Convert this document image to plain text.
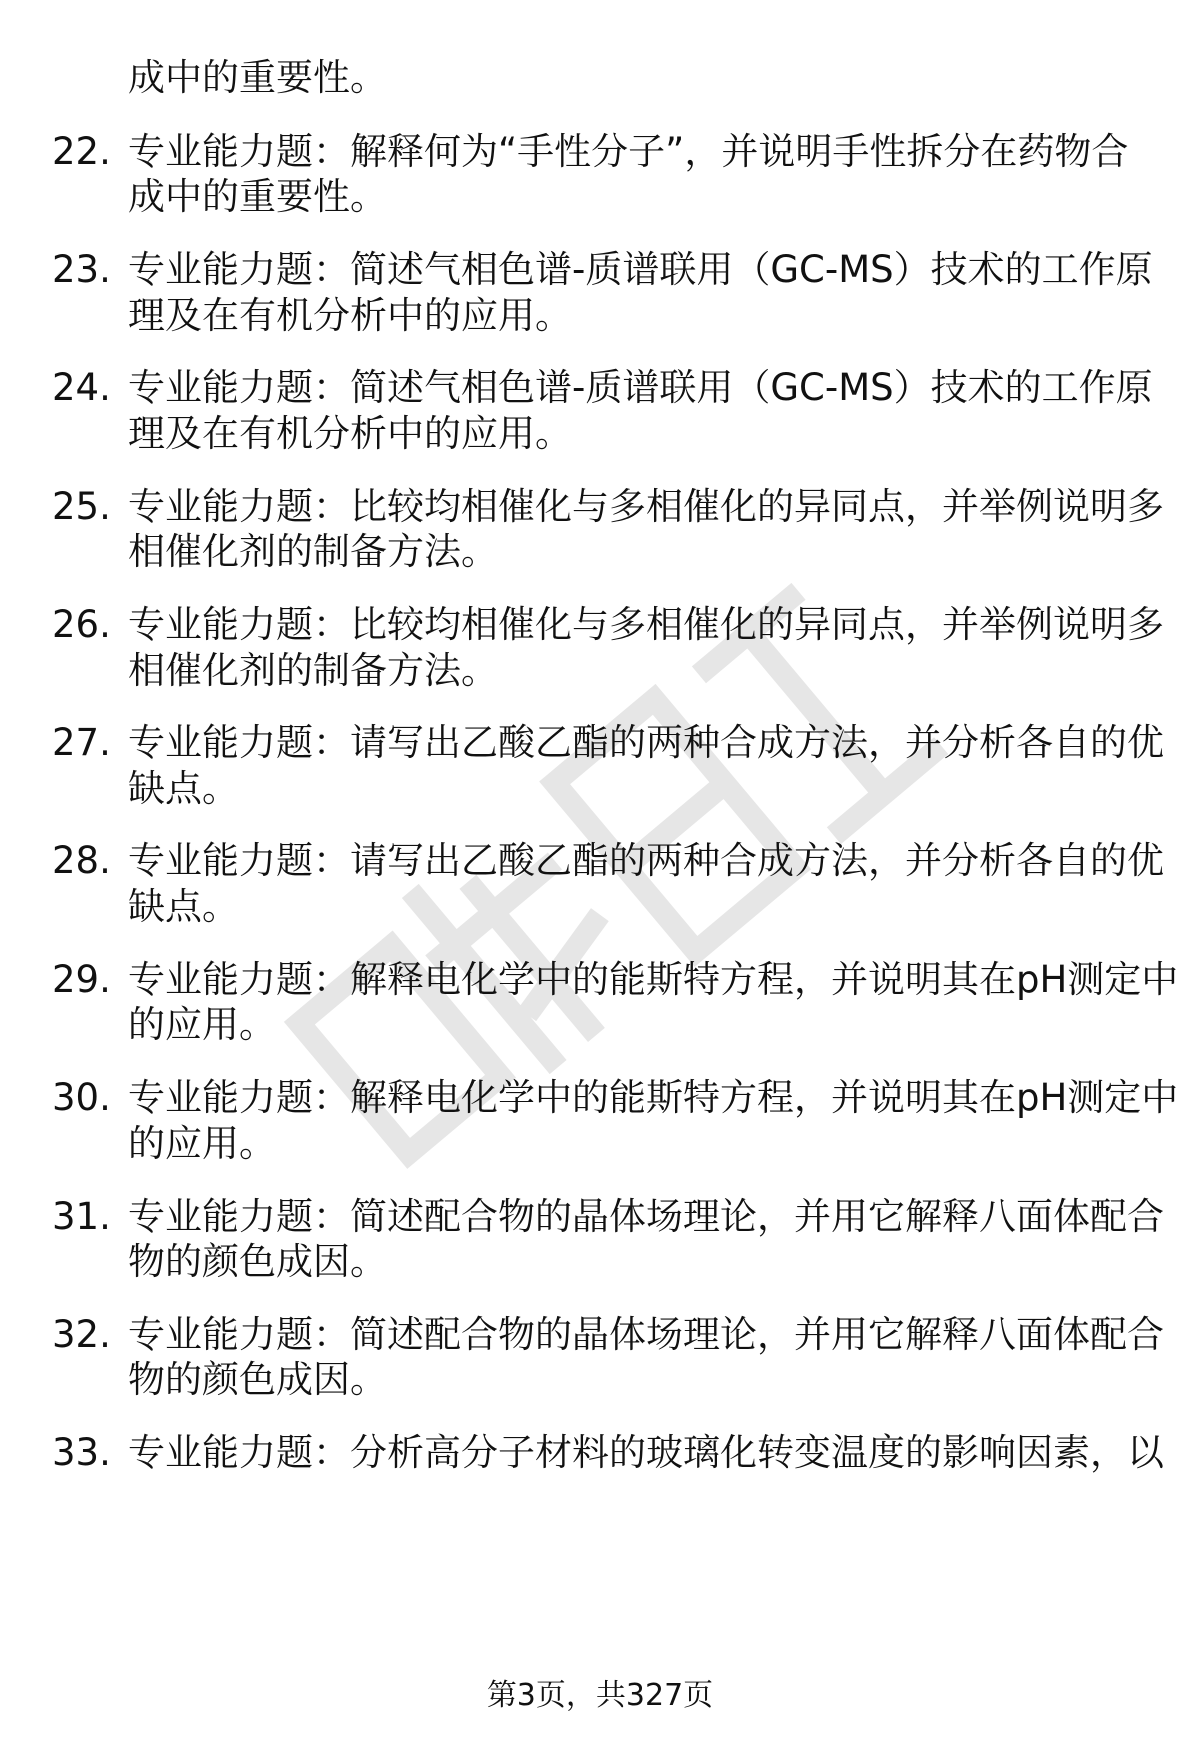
成中的重要性。
22. 专业能力题：解释何为“手性分子”，并说明手性拆分在药物合
成中的重要性。
23. 专业能力题：简述气相色谱-质谱联用（GC-MS）技术的工作原
理及在有机分析中的应用。
24. 专业能力题：简述气相色谱-质谱联用（GC-MS）技术的工作原
理及在有机分析中的应用。
25. 专业能力题：比较均相催化与多相催化的异同点，并举例说明多
相催化剂的制备方法。
26. 专业能力题：比较均相催化与多相催化的异同点，并举例说明多
相催化剂的制备方法。
27. 专业能力题：请写出乙酸乙酯的两种合成方法，并分析各自的优
缺点。
28. 专业能力题：请写出乙酸乙酯的两种合成方法，并分析各自的优
缺点。
29. 专业能力题：解释电化学中的能斯特方程，并说明其在pH测定中
的应用。
30. 专业能力题：解释电化学中的能斯特方程，并说明其在pH测定中
的应用。
31. 专业能力题：简述配合物的晶体场理论，并用它解释八面体配合
物的颜色成因。
32. 专业能力题：简述配合物的晶体场理论，并用它解释八面体配合
物的颜色成因。
33. 专业能力题：分析高分子材料的玻璃化转变温度的影响因素，以
第3页，共327页
